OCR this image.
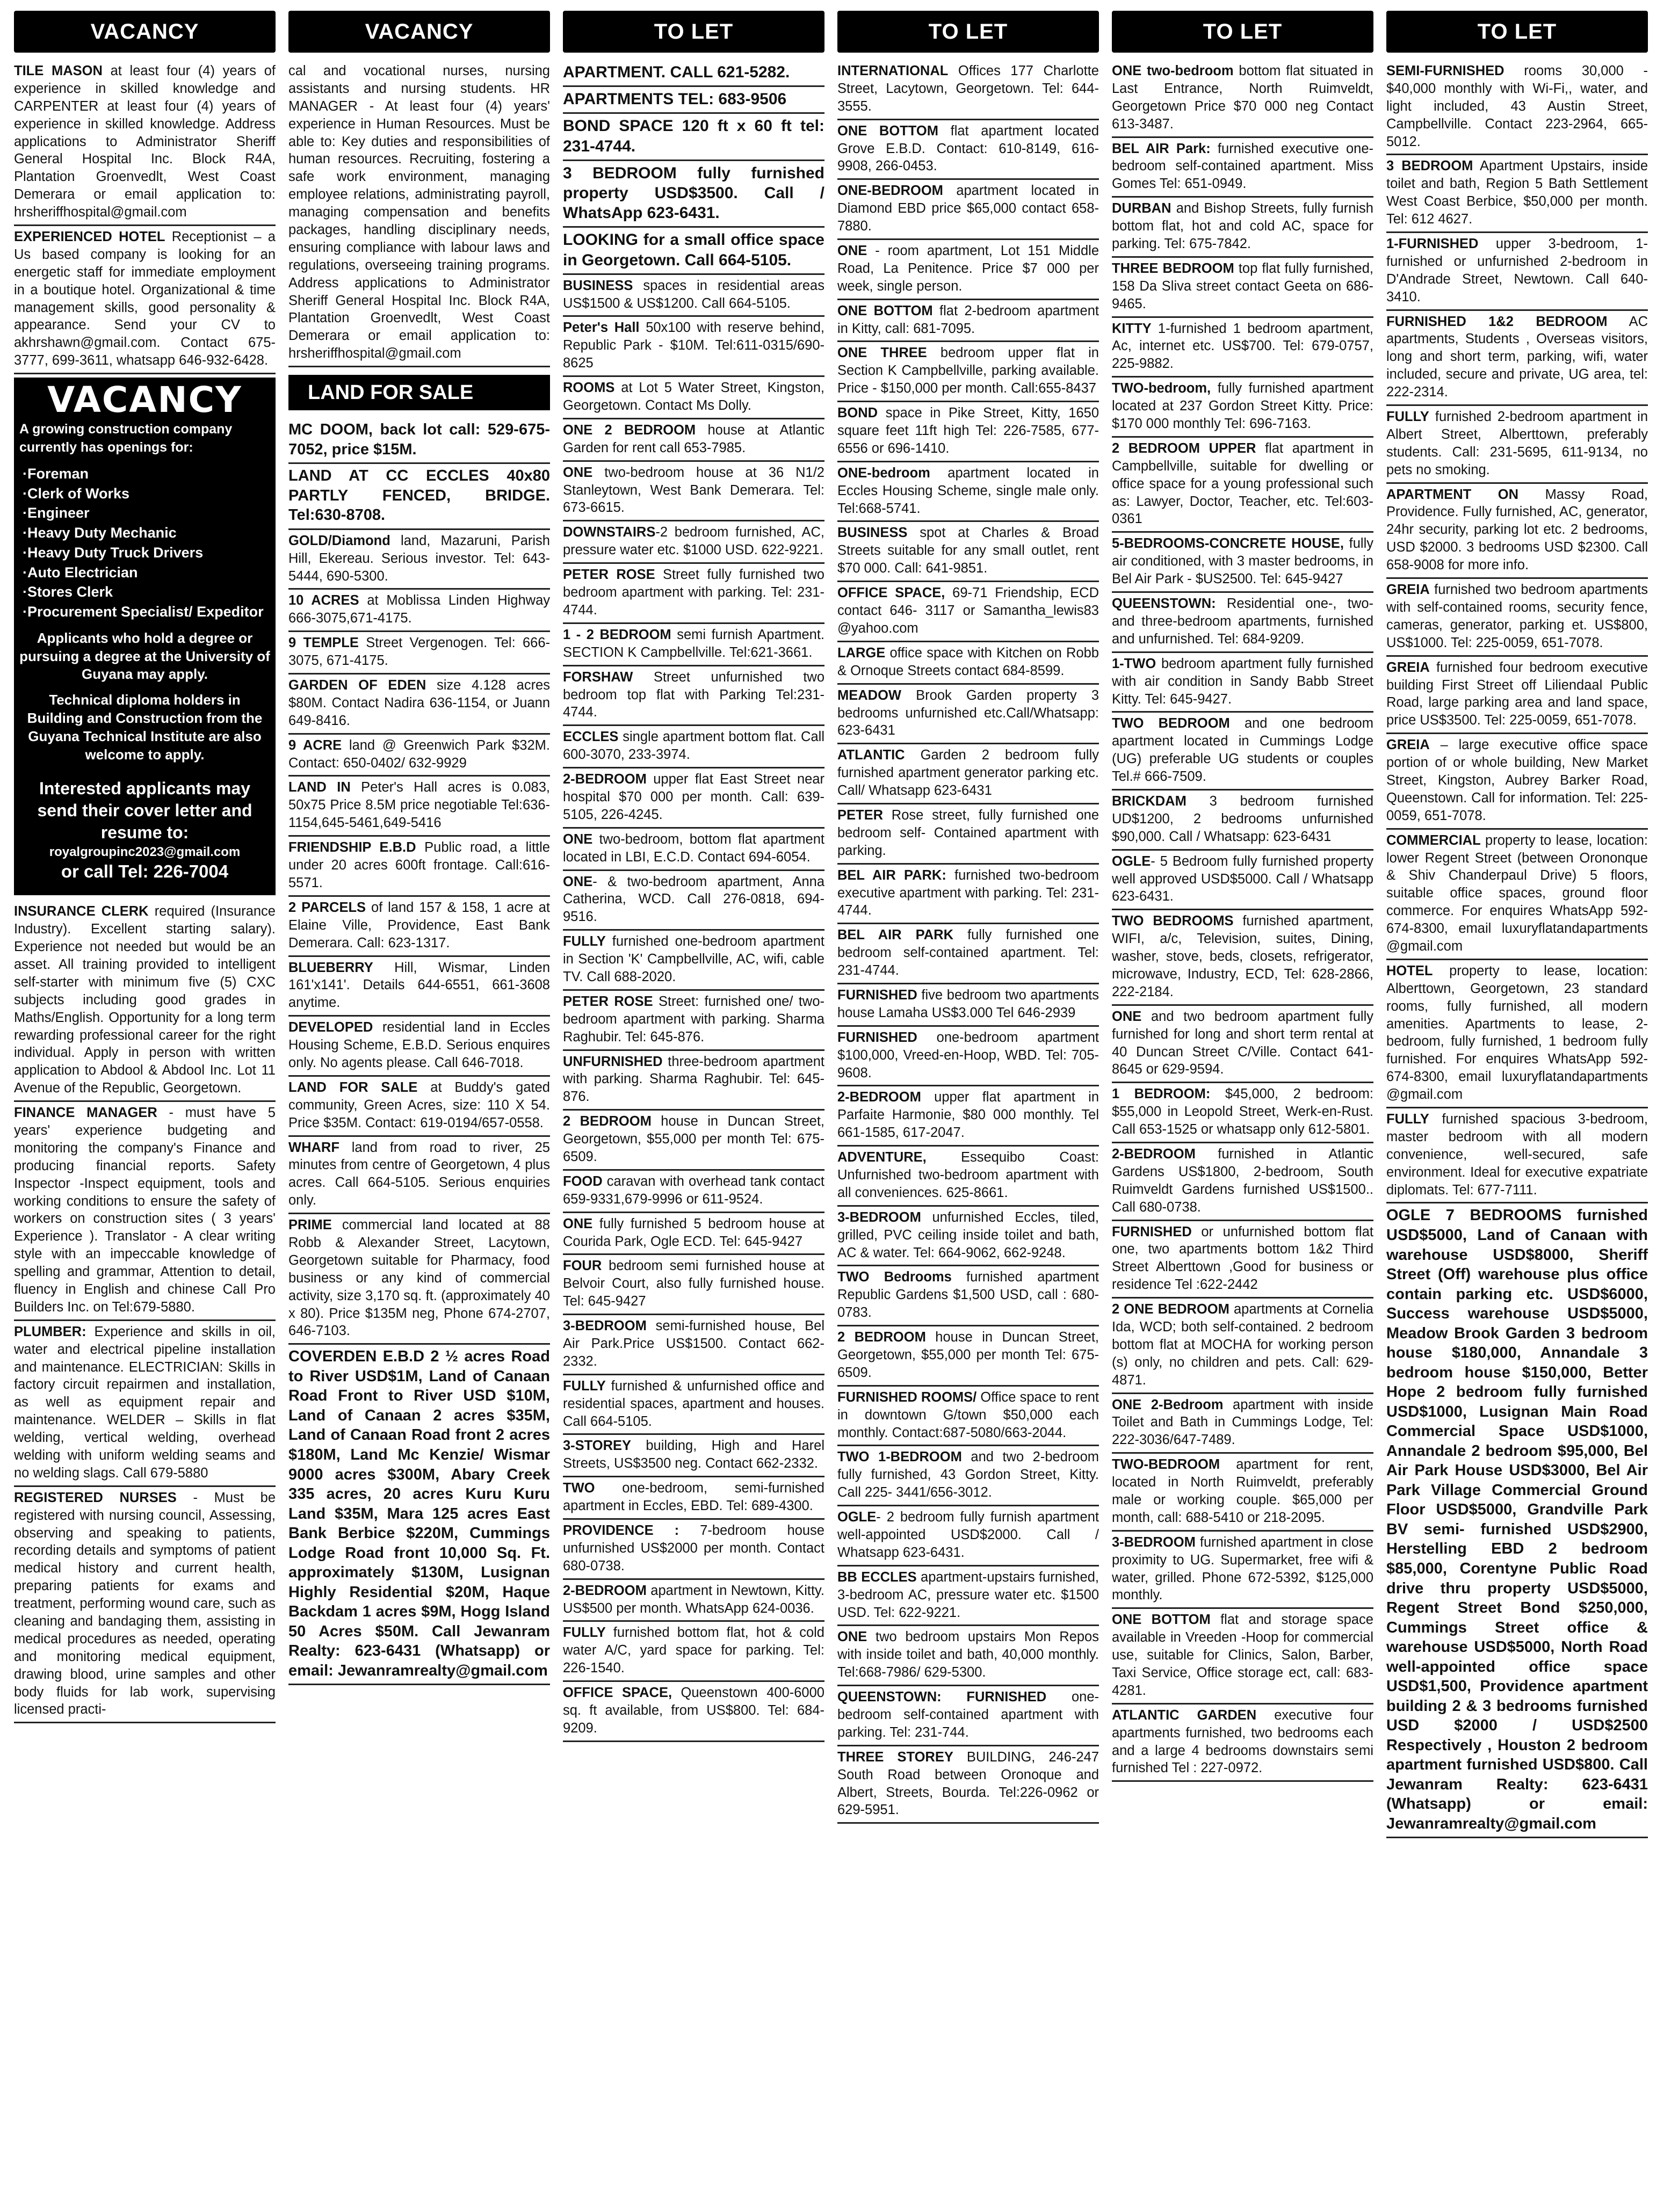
VACANCY

TILE MASON at least four (4) years of experience in skilled knowledge and CARPENTER at least four (4) years of experience in skilled knowledge. Address applications to Administrator Sheriff General Hospital Inc. Block R4A, Plantation Groenvedlt, West Coast Demerara or email application to: hrsheriffhospital@gmail.com

EXPERIENCED HOTEL Receptionist – a Us based company is looking for an energetic staff for immediate employment in a boutique hotel. Organizational & time management skills, good personality & appearance. Send your CV to akhrshawn@gmail.com. Contact 675-3777, 699-3611, whatsapp 646-932-6428.

VACANCY
A growing construction company currently has openings for:
·Foreman
·Clerk of Works
·Engineer
·Heavy Duty Mechanic
·Heavy Duty Truck Drivers
·Auto Electrician
·Stores Clerk
·Procurement Specialist/ Expeditor
Applicants who hold a degree or pursuing a degree at the University of Guyana may apply.
Technical diploma holders in Building and Construction from the Guyana Technical Institute are also welcome to apply.
Interested applicants may send their cover letter and resume to:
royalgroupinc2023@gmail.com
or call Tel: 226-7004

INSURANCE CLERK required (Insurance Industry). Excellent starting salary). Experience not needed but would be an asset. All training provided to intelligent self-starter with minimum five (5) CXC subjects including good grades in Maths/English. Opportunity for a long term rewarding professional career for the right individual. Apply in person with written application to Abdool & Abdool Inc. Lot 11 Avenue of the Republic, Georgetown.

FINANCE MANAGER - must have 5 years' experience budgeting and monitoring the company's Finance and producing financial reports. Safety Inspector -Inspect equipment, tools and working conditions to ensure the safety of workers on construction sites ( 3 years' Experience ). Translator - A clear writing style with an impeccable knowledge of spelling and grammar, Attention to detail, fluency in English and chinese Call Pro Builders Inc. on Tel:679-5880.

PLUMBER: Experience and skills in oil, water and electrical pipeline installation and maintenance. ELECTRICIAN: Skills in factory circuit repairmen and installation, as well as equipment repair and maintenance. WELDER – Skills in flat welding, vertical welding, overhead welding with uniform welding seams and no welding slags. Call 679-5880

REGISTERED NURSES - Must be registered with nursing council, Assessing, observing and speaking to patients, recording details and symptoms of patient medical history and current health, preparing patients for exams and treatment, performing wound care, such as cleaning and bandaging them, assisting in medical procedures as needed, operating and monitoring medical equipment, drawing blood, urine samples and other body fluids for lab work, supervising licensed practi-

VACANCY

cal and vocational nurses, nursing assistants and nursing students. HR MANAGER - At least four (4) years' experience in Human Resources. Must be able to: Key duties and responsibilities of human resources. Recruiting, fostering a safe work environment, managing employee relations, administrating payroll, managing compensation and benefits packages, handling disciplinary needs, ensuring compliance with labour laws and regulations, overseeing training programs. Address applications to Administrator Sheriff General Hospital Inc. Block R4A, Plantation Groenvedlt, West Coast Demerara or email application to: hrsheriffhospital@gmail.com

LAND FOR SALE

MC DOOM, back lot call: 529-675-7052, price $15M.

LAND AT CC ECCLES 40x80 PARTLY FENCED, BRIDGE. Tel:630-8708.

GOLD/Diamond land, Mazaruni, Parish Hill, Ekereau. Serious investor. Tel: 643-5444, 690-5300.

10 ACRES at Moblissa Linden Highway 666-3075,671-4175.

9 TEMPLE Street Vergenogen. Tel: 666-3075, 671-4175.

GARDEN OF EDEN size 4.128 acres $80M. Contact Nadira 636-1154, or Juann 649-8416.

9 ACRE land @ Greenwich Park $32M. Contact: 650-0402/ 632-9929

LAND IN Peter's Hall acres is 0.083, 50x75 Price 8.5M price negotiable Tel:636-1154,645-5461,649-5416

FRIENDSHIP E.B.D Public road, a little under 20 acres 600ft frontage. Call:616-5571.

2 PARCELS of land 157 & 158, 1 acre at Elaine Ville, Providence, East Bank Demerara. Call: 623-1317.

BLUEBERRY Hill, Wismar, Linden 161'x141'. Details 644-6551, 661-3608 anytime.

DEVELOPED residential land in Eccles Housing Scheme, E.B.D. Serious enquires only. No agents please. Call 646-7018.

LAND FOR SALE at Buddy's gated community, Green Acres, size: 110 X 54. Price $35M. Contact: 619-0194/657-0558.

WHARF land from road to river, 25 minutes from centre of Georgetown, 4 plus acres. Call 664-5105. Serious enquiries only.

PRIME commercial land located at 88 Robb & Alexander Street, Lacytown, Georgetown suitable for Pharmacy, food business or any kind of commercial activity, size 3,170 sq. ft. (approximately 40 x 80). Price $135M neg, Phone 674-2707, 646-7103.

COVERDEN E.B.D 2 ½ acres Road to River USD$1M, Land of Canaan Road Front to River USD $10M, Land of Canaan 2 acres $35M, Land of Canaan Road front 2 acres $180M, Land Mc Kenzie/ Wismar 9000 acres $300M, Abary Creek 335 acres, 20 acres Kuru Kuru Land $35M, Mara 125 acres East Bank Berbice $220M, Cummings Lodge Road front 10,000 Sq. Ft. approximately $130M, Lusignan Highly Residential $20M, Haque Backdam 1 acres $9M, Hogg Island 50 Acres $50M. Call Jewanram Realty: 623-6431 (Whatsapp) or email: Jewanramrealty@gmail.com

TO LET

APARTMENT. CALL 621-5282.

APARTMENTS TEL: 683-9506

BOND SPACE 120 ft x 60 ft tel: 231-4744.

3 BEDROOM fully furnished property USD$3500. Call / WhatsApp 623-6431.

LOOKING for a small office space in Georgetown. Call 664-5105.

BUSINESS spaces in residential areas US$1500 & US$1200. Call 664-5105.

Peter's Hall 50x100 with reserve behind, Republic Park - $10M. Tel:611-0315/690-8625

ROOMS at Lot 5 Water Street, Kingston, Georgetown. Contact Ms Dolly.

ONE 2 BEDROOM house at Atlantic Garden for rent call 653-7985.

ONE two-bedroom house at 36 N1/2 Stanleytown, West Bank Demerara. Tel: 673-6615.

DOWNSTAIRS-2 bedroom furnished, AC, pressure water etc. $1000 USD. 622-9221.

PETER ROSE Street fully furnished two bedroom apartment with parking. Tel: 231-4744.

1 - 2 BEDROOM semi furnish Apartment. SECTION K Campbellville. Tel:621-3661.

FORSHAW Street unfurnished two bedroom top flat with Parking Tel:231-4744.

ECCLES single apartment bottom flat. Call 600-3070, 233-3974.

2-BEDROOM upper flat East Street near hospital $70 000 per month. Call: 639-5105, 226-4245.

ONE two-bedroom, bottom flat apartment located in LBI, E.C.D. Contact 694-6054.

ONE- & two-bedroom apartment, Anna Catherina, WCD. Call 276-0818, 694-9516.

FULLY furnished one-bedroom apartment in Section 'K' Campbellville, AC, wifi, cable TV. Call 688-2020.

PETER ROSE Street: furnished one/ two-bedroom apartment with parking. Sharma Raghubir. Tel: 645-876.

UNFURNISHED three-bedroom apartment with parking. Sharma Raghubir. Tel: 645-876.

2 BEDROOM house in Duncan Street, Georgetown, $55,000 per month Tel: 675-6509.

FOOD caravan with overhead tank contact 659-9331,679-9996 or 611-9524.

ONE fully furnished 5 bedroom house at Courida Park, Ogle ECD. Tel: 645-9427

FOUR bedroom semi furnished house at Belvoir Court, also fully furnished house. Tel: 645-9427

3-BEDROOM semi-furnished house, Bel Air Park.Price US$1500. Contact 662-2332.

FULLY furnished & unfurnished office and residential spaces, apartment and houses. Call 664-5105.

3-STOREY building, High and Harel Streets, US$3500 neg. Contact 662-2332.

TWO one-bedroom, semi-furnished apartment in Eccles, EBD. Tel: 689-4300.

PROVIDENCE : 7-bedroom house unfurnished US$2000 per month. Contact 680-0738.

2-BEDROOM apartment in Newtown, Kitty. US$500 per month. WhatsApp 624-0036.

FULLY furnished bottom flat, hot & cold water A/C, yard space for parking. Tel: 226-1540.

OFFICE SPACE, Queenstown 400-6000 sq. ft available, from US$800. Tel: 684-9209.

TO LET

INTERNATIONAL Offices 177 Charlotte Street, Lacytown, Georgetown. Tel: 644-3555.

ONE BOTTOM flat apartment located Grove E.B.D. Contact: 610-8149, 616-9908, 266-0453.

ONE-BEDROOM apartment located in Diamond EBD price $65,000 contact 658-7880.

ONE - room apartment, Lot 151 Middle Road, La Penitence. Price $7 000 per week, single person.

ONE BOTTOM flat 2-bedroom apartment in Kitty, call: 681-7095.

ONE THREE bedroom upper flat in Section K Campbellville, parking available. Price - $150,000 per month. Call:655-8437

BOND space in Pike Street, Kitty, 1650 square feet 11ft high Tel: 226-7585, 677-6556 or 696-1410.

ONE-bedroom apartment located in Eccles Housing Scheme, single male only. Tel:668-5741.

BUSINESS spot at Charles & Broad Streets suitable for any small outlet, rent $70 000. Call: 641-9851.

OFFICE SPACE, 69-71 Friendship, ECD contact 646- 3117 or Samantha_lewis83 @yahoo.com

LARGE office space with Kitchen on Robb & Ornoque Streets contact 684-8599.

MEADOW Brook Garden property 3 bedrooms unfurnished etc.Call/Whatsapp: 623-6431

ATLANTIC Garden 2 bedroom fully furnished apartment generator parking etc. Call/ Whatsapp 623-6431

PETER Rose street, fully furnished one bedroom self- Contained apartment with parking.

BEL AIR PARK: furnished two-bedroom executive apartment with parking. Tel: 231-4744.

BEL AIR PARK fully furnished one bedroom self-contained apartment. Tel: 231-4744.

FURNISHED five bedroom two apartments house Lamaha US$3.000 Tel 646-2939

FURNISHED one-bedroom apartment $100,000, Vreed-en-Hoop, WBD. Tel: 705-9608.

2-BEDROOM upper flat apartment in Parfaite Harmonie, $80 000 monthly. Tel 661-1585, 617-2047.

ADVENTURE, Essequibo Coast: Unfurnished two-bedroom apartment with all conveniences. 625-8661.

3-BEDROOM unfurnished Eccles, tiled, grilled, PVC ceiling inside toilet and bath, AC & water. Tel: 664-9062, 662-9248.

TWO Bedrooms furnished apartment Republic Gardens $1,500 USD, call : 680-0783.

2 BEDROOM house in Duncan Street, Georgetown, $55,000 per month Tel: 675-6509.

FURNISHED ROOMS/ Office space to rent in downtown G/town $50,000 each monthly. Contact:687-5080/663-2044.

TWO 1-BEDROOM and two 2-bedroom fully furnished, 43 Gordon Street, Kitty. Call 225- 3441/656-3012.

OGLE- 2 bedroom fully furnish apartment well-appointed USD$2000. Call / Whatsapp 623-6431.

BB ECCLES apartment-upstairs furnished, 3-bedroom AC, pressure water etc. $1500 USD. Tel: 622-9221.

ONE two bedroom upstairs Mon Repos with inside toilet and bath, 40,000 monthly. Tel:668-7986/ 629-5300.

QUEENSTOWN: FURNISHED one-bedroom self-contained apartment with parking. Tel: 231-744.

THREE STOREY BUILDING, 246-247 South Road between Oronoque and Albert, Streets, Bourda. Tel:226-0962 or 629-5951.

TO LET

ONE two-bedroom bottom flat situated in Last Entrance, North Ruimveldt, Georgetown Price $70 000 neg Contact 613-3487.

BEL AIR Park: furnished executive one-bedroom self-contained apartment. Miss Gomes Tel: 651-0949.

DURBAN and Bishop Streets, fully furnish bottom flat, hot and cold AC, space for parking. Tel: 675-7842.

THREE BEDROOM top flat fully furnished, 158 Da Sliva street contact Geeta on 686-9465.

KITTY 1-furnished 1 bedroom apartment, Ac, internet etc. US$700. Tel: 679-0757, 225-9882.

TWO-bedroom, fully furnished apartment located at 237 Gordon Street Kitty. Price: $170 000 monthly Tel: 696-7163.

2 BEDROOM UPPER flat apartment in Campbellville, suitable for dwelling or office space for a young professional such as: Lawyer, Doctor, Teacher, etc. Tel:603-0361

5-BEDROOMS-CONCRETE HOUSE, fully air conditioned, with 3 master bedrooms, in Bel Air Park - $US2500. Tel: 645-9427

QUEENSTOWN: Residential one-, two- and three-bedroom apartments, furnished and unfurnished. Tel: 684-9209.

1-TWO bedroom apartment fully furnished with air condition in Sandy Babb Street Kitty. Tel: 645-9427.

TWO BEDROOM and one bedroom apartment located in Cummings Lodge (UG) preferable UG students or couples Tel.# 666-7509.

BRICKDAM 3 bedroom furnished UD$1200, 2 bedrooms unfurnished $90,000. Call / Whatsapp: 623-6431

OGLE- 5 Bedroom fully furnished property well approved USD$5000. Call / Whatsapp 623-6431.

TWO BEDROOMS furnished apartment, WIFI, a/c, Television, suites, Dining, washer, stove, beds, closets, refrigerator, microwave, Industry, ECD, Tel: 628-2866, 222-2184.

ONE and two bedroom apartment fully furnished for long and short term rental at 40 Duncan Street C/Ville. Contact 641-8645 or 629-9594.

1 BEDROOM: $45,000, 2 bedroom: $55,000 in Leopold Street, Werk-en-Rust. Call 653-1525 or whatsapp only 612-5801.

2-BEDROOM furnished in Atlantic Gardens US$1800, 2-bedroom, South Ruimveldt Gardens furnished US$1500.. Call 680-0738.

FURNISHED or unfurnished bottom flat one, two apartments bottom 1&2 Third Street Alberttown ,Good for business or residence Tel :622-2442

2 ONE BEDROOM apartments at Cornelia Ida, WCD; both self-contained. 2 bedroom bottom flat at MOCHA for working person (s) only, no children and pets. Call: 629-4871.

ONE 2-Bedroom apartment with inside Toilet and Bath in Cummings Lodge, Tel: 222-3036/647-7489.

TWO-BEDROOM apartment for rent, located in North Ruimveldt, preferably male or working couple. $65,000 per month, call: 688-5410 or 218-2095.

3-BEDROOM furnished apartment in close proximity to UG. Supermarket, free wifi & water, grilled. Phone 672-5392, $125,000 monthly.

ONE BOTTOM flat and storage space available in Vreeden -Hoop for commercial use, suitable for Clinics, Salon, Barber, Taxi Service, Office storage ect, call: 683-4281.

ATLANTIC GARDEN executive four apartments furnished, two bedrooms each and a large 4 bedrooms downstairs semi furnished Tel : 227-0972.

TO LET

SEMI-FURNISHED rooms 30,000 - $40,000 monthly with Wi-Fi,, water, and light included, 43 Austin Street, Campbellville. Contact 223-2964, 665-5012.

3 BEDROOM Apartment Upstairs, inside toilet and bath, Region 5 Bath Settlement West Coast Berbice, $50,000 per month. Tel: 612 4627.

1-FURNISHED upper 3-bedroom, 1-furnished or unfurnished 2-bedroom in D'Andrade Street, Newtown. Call 640-3410.

FURNISHED 1&2 BEDROOM AC apartments, Students , Overseas visitors, long and short term, parking, wifi, water included, secure and private, UG area, tel: 222-2314.

FULLY furnished 2-bedroom apartment in Albert Street, Alberttown, preferably students. Call: 231-5695, 611-9134, no pets no smoking.

APARTMENT ON Massy Road, Providence. Fully furnished, AC, generator, 24hr security, parking lot etc. 2 bedrooms, USD $2000. 3 bedrooms USD $2300. Call 658-9008 for more info.

GREIA furnished two bedroom apartments with self-contained rooms, security fence, cameras, generator, parking et. US$800, US$1000. Tel: 225-0059, 651-7078.

GREIA furnished four bedroom executive building First Street off Liliendaal Public Road, large parking area and land space, price US$3500. Tel: 225-0059, 651-7078.

GREIA – large executive office space portion of or whole building, New Market Street, Kingston, Aubrey Barker Road, Queenstown. Call for information. Tel: 225-0059, 651-7078.

COMMERCIAL property to lease, location: lower Regent Street (between Orononque & Shiv Chanderpaul Drive) 5 floors, suitable office spaces, ground floor commerce. For enquires WhatsApp 592-674-8300, email luxuryflatandapartments @gmail.com

HOTEL property to lease, location: Alberttown, Georgetown, 23 standard rooms, fully furnished, all modern amenities. Apartments to lease, 2-bedroom, fully furnished, 1 bedroom fully furnished. For enquires WhatsApp 592-674-8300, email luxuryflatandapartments @gmail.com

FULLY furnished spacious 3-bedroom, master bedroom with all modern convenience, well-secured, safe environment. Ideal for executive expatriate diplomats. Tel: 677-7111.

OGLE 7 BEDROOMS furnished USD$5000, Land of Canaan with warehouse USD$8000, Sheriff Street (Off) warehouse plus office contain parking etc. USD$6000, Success warehouse USD$5000, Meadow Brook Garden 3 bedroom house $180,000, Annandale 3 bedroom house $150,000, Better Hope 2 bedroom fully furnished USD$1000, Lusignan Main Road Commercial Space USD$1000, Annandale 2 bedroom $95,000, Bel Air Park House USD$3000, Bel Air Park Village Commercial Ground Floor USD$5000, Grandville Park BV semi- furnished USD$2900, Herstelling EBD 2 bedroom $85,000, Corentyne Public Road drive thru property USD$5000, Regent Street Bond $250,000, Cummings Street office & warehouse USD$5000, North Road well-appointed office space USD$1,500, Providence apartment building 2 & 3 bedrooms furnished USD $2000 / USD$2500 Respectively , Houston 2 bedroom apartment furnished USD$800. Call Jewanram Realty: 623-6431 (Whatsapp) or email: Jewanramrealty@gmail.com
